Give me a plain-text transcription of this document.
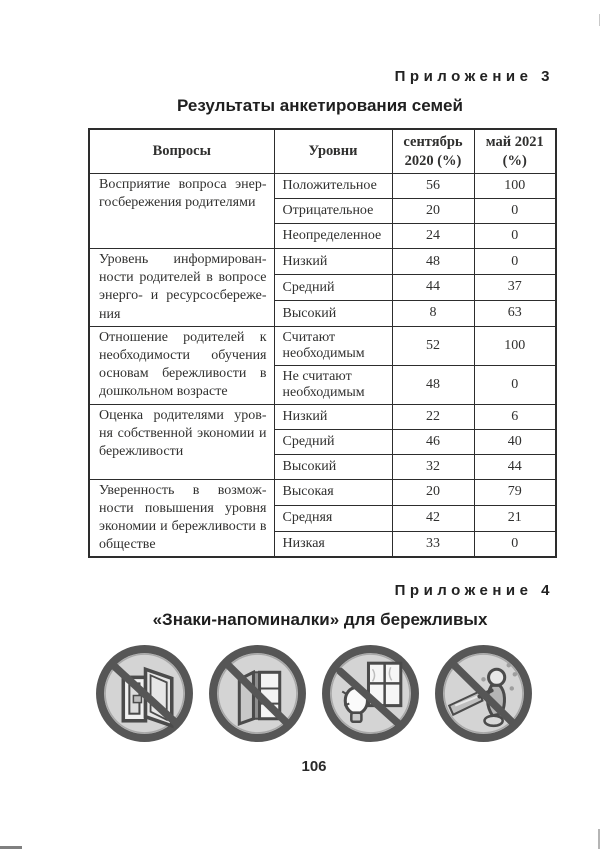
Приложение 3
Результаты анкетирования семей
Вопросы	Уровни	сентябрь 2020 (%)	май 2021 (%)
Восприятие вопроса энер-госбережения родителями	Положительное	56	100
	Отрицательное	20	0
	Неопределенное	24	0
Уровень информирован-ности родителей в вопросе энерго- и ресурсосбереже-ния	Низкий	48	0
	Средний	44	37
	Высокий	8	63
Отношение родителей к необходимости обучения основам бережливости в дошкольном возрасте	Считают необходимым	52	100
	Не считают необходимым	48	0
Оценка родителями уров-ня собственной экономии и бережливости	Низкий	22	6
	Средний	46	40
	Высокий	32	44
Уверенность в возмож-ности повышения уровня экономии и бережливости в обществе	Высокая	20	79
	Средняя	42	21
	Низкая	33	0
Приложение 4
«Знаки-напоминалки» для бережливых
106
